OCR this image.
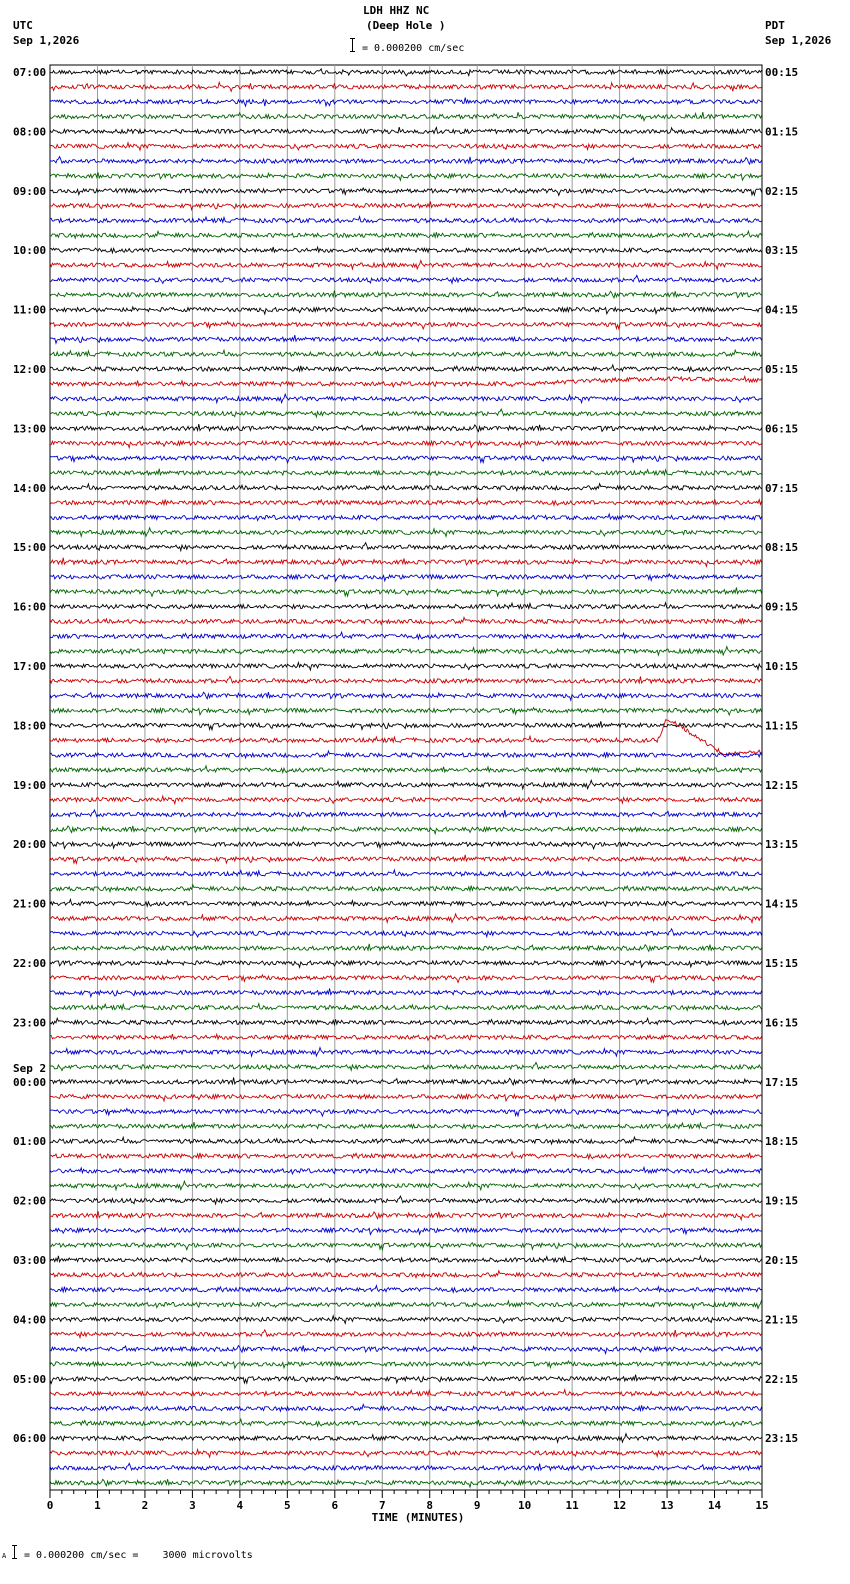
LDH HHZ NC
(Deep Hole )
UTC
Sep 1,2026
PDT
Sep 1,2026
= 0.000200 cm/sec
07:00	00:15
08:00	01:15
09:00	02:15
10:00	03:15
11:00	04:15
12:00	05:15
13:00	06:15
14:00	07:15
15:00	08:15
16:00	09:15
17:00	10:15
18:00	11:15
19:00	12:15
20:00	13:15
21:00	14:15
22:00	15:15
23:00	16:15
00:00	17:15
Sep 2
01:00	18:15
02:00	19:15
03:00	20:15
04:00	21:15
05:00	22:15
06:00	23:15
0	1	2	3	4	5	6	7	8	9	10	11	12	13	14	15
TIME (MINUTES)
A = 0.000200 cm/sec =    3000 microvolts
